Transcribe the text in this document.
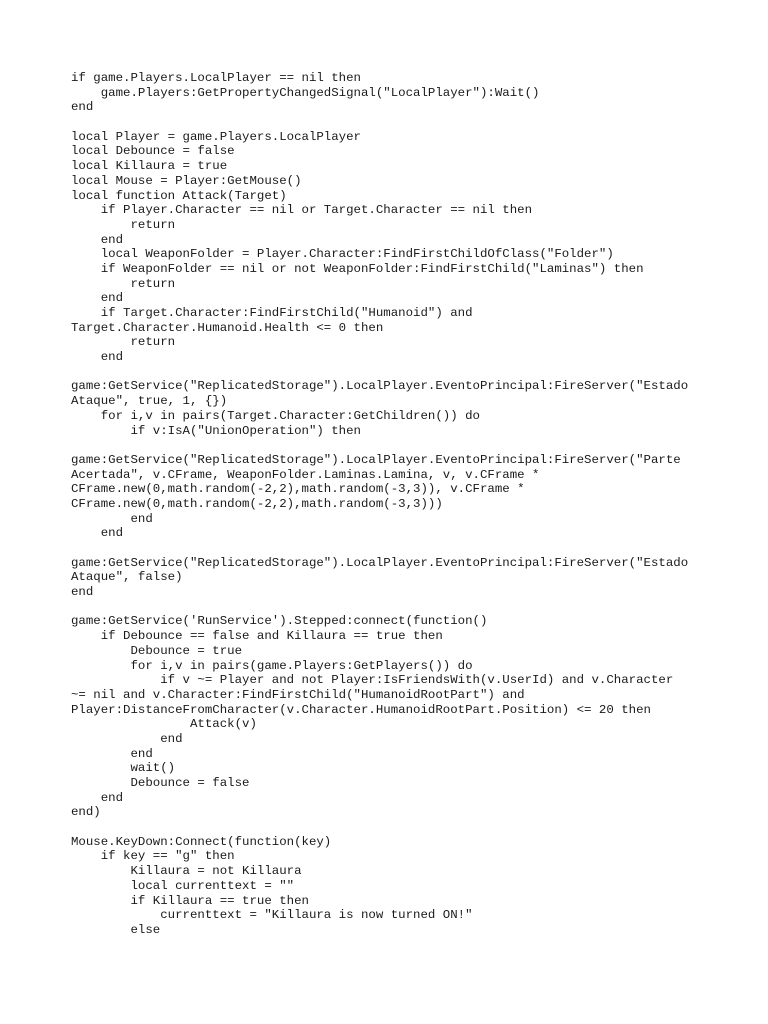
if game.Players.LocalPlayer == nil then
game.Players:GetPropertyChangedSignal("LocalPlayer"):Wait()
end
local Player = game.Players.LocalPlayer
local Debounce = false
local Killaura = true
local Mouse = Player:GetMouse()
local function Attack(Target)
if Player.Character == nil or Target.Character == nil then
return
end
local WeaponFolder = Player.Character:FindFirstChildOfClass("Folder")
if WeaponFolder == nil or not WeaponFolder:FindFirstChild("Laminas") then
return
end
if Target.Character:FindFirstChild("Humanoid") and
Target.Character.Humanoid.Health <= 0 then
return
end
game:GetService("ReplicatedStorage").LocalPlayer.EventoPrincipal:FireServer("Estado
Ataque", true, 1, {})
for i,v in pairs(Target.Character:GetChildren()) do
if v:IsA("UnionOperation") then
game:GetService("ReplicatedStorage").LocalPlayer.EventoPrincipal:FireServer("Parte
Acertada", v.CFrame, WeaponFolder.Laminas.Lamina, v, v.CFrame *
CFrame.new(0,math.random(-2,2),math.random(-3,3)), v.CFrame *
CFrame.new(0,math.random(-2,2),math.random(-3,3)))
end
end
game:GetService("ReplicatedStorage").LocalPlayer.EventoPrincipal:FireServer("Estado
Ataque", false)
end
game:GetService('RunService').Stepped:connect(function()
if Debounce == false and Killaura == true then
Debounce = true
for i,v in pairs(game.Players:GetPlayers()) do
if v ~= Player and not Player:IsFriendsWith(v.UserId) and v.Character
~= nil and v.Character:FindFirstChild("HumanoidRootPart") and
Player:DistanceFromCharacter(v.Character.HumanoidRootPart.Position) <= 20 then
Attack(v)
end
end
wait()
Debounce = false
end
end)
Mouse.KeyDown:Connect(function(key)
if key == "g" then
Killaura = not Killaura
local currenttext = ""
if Killaura == true then
currenttext = "Killaura is now turned ON!"
else
